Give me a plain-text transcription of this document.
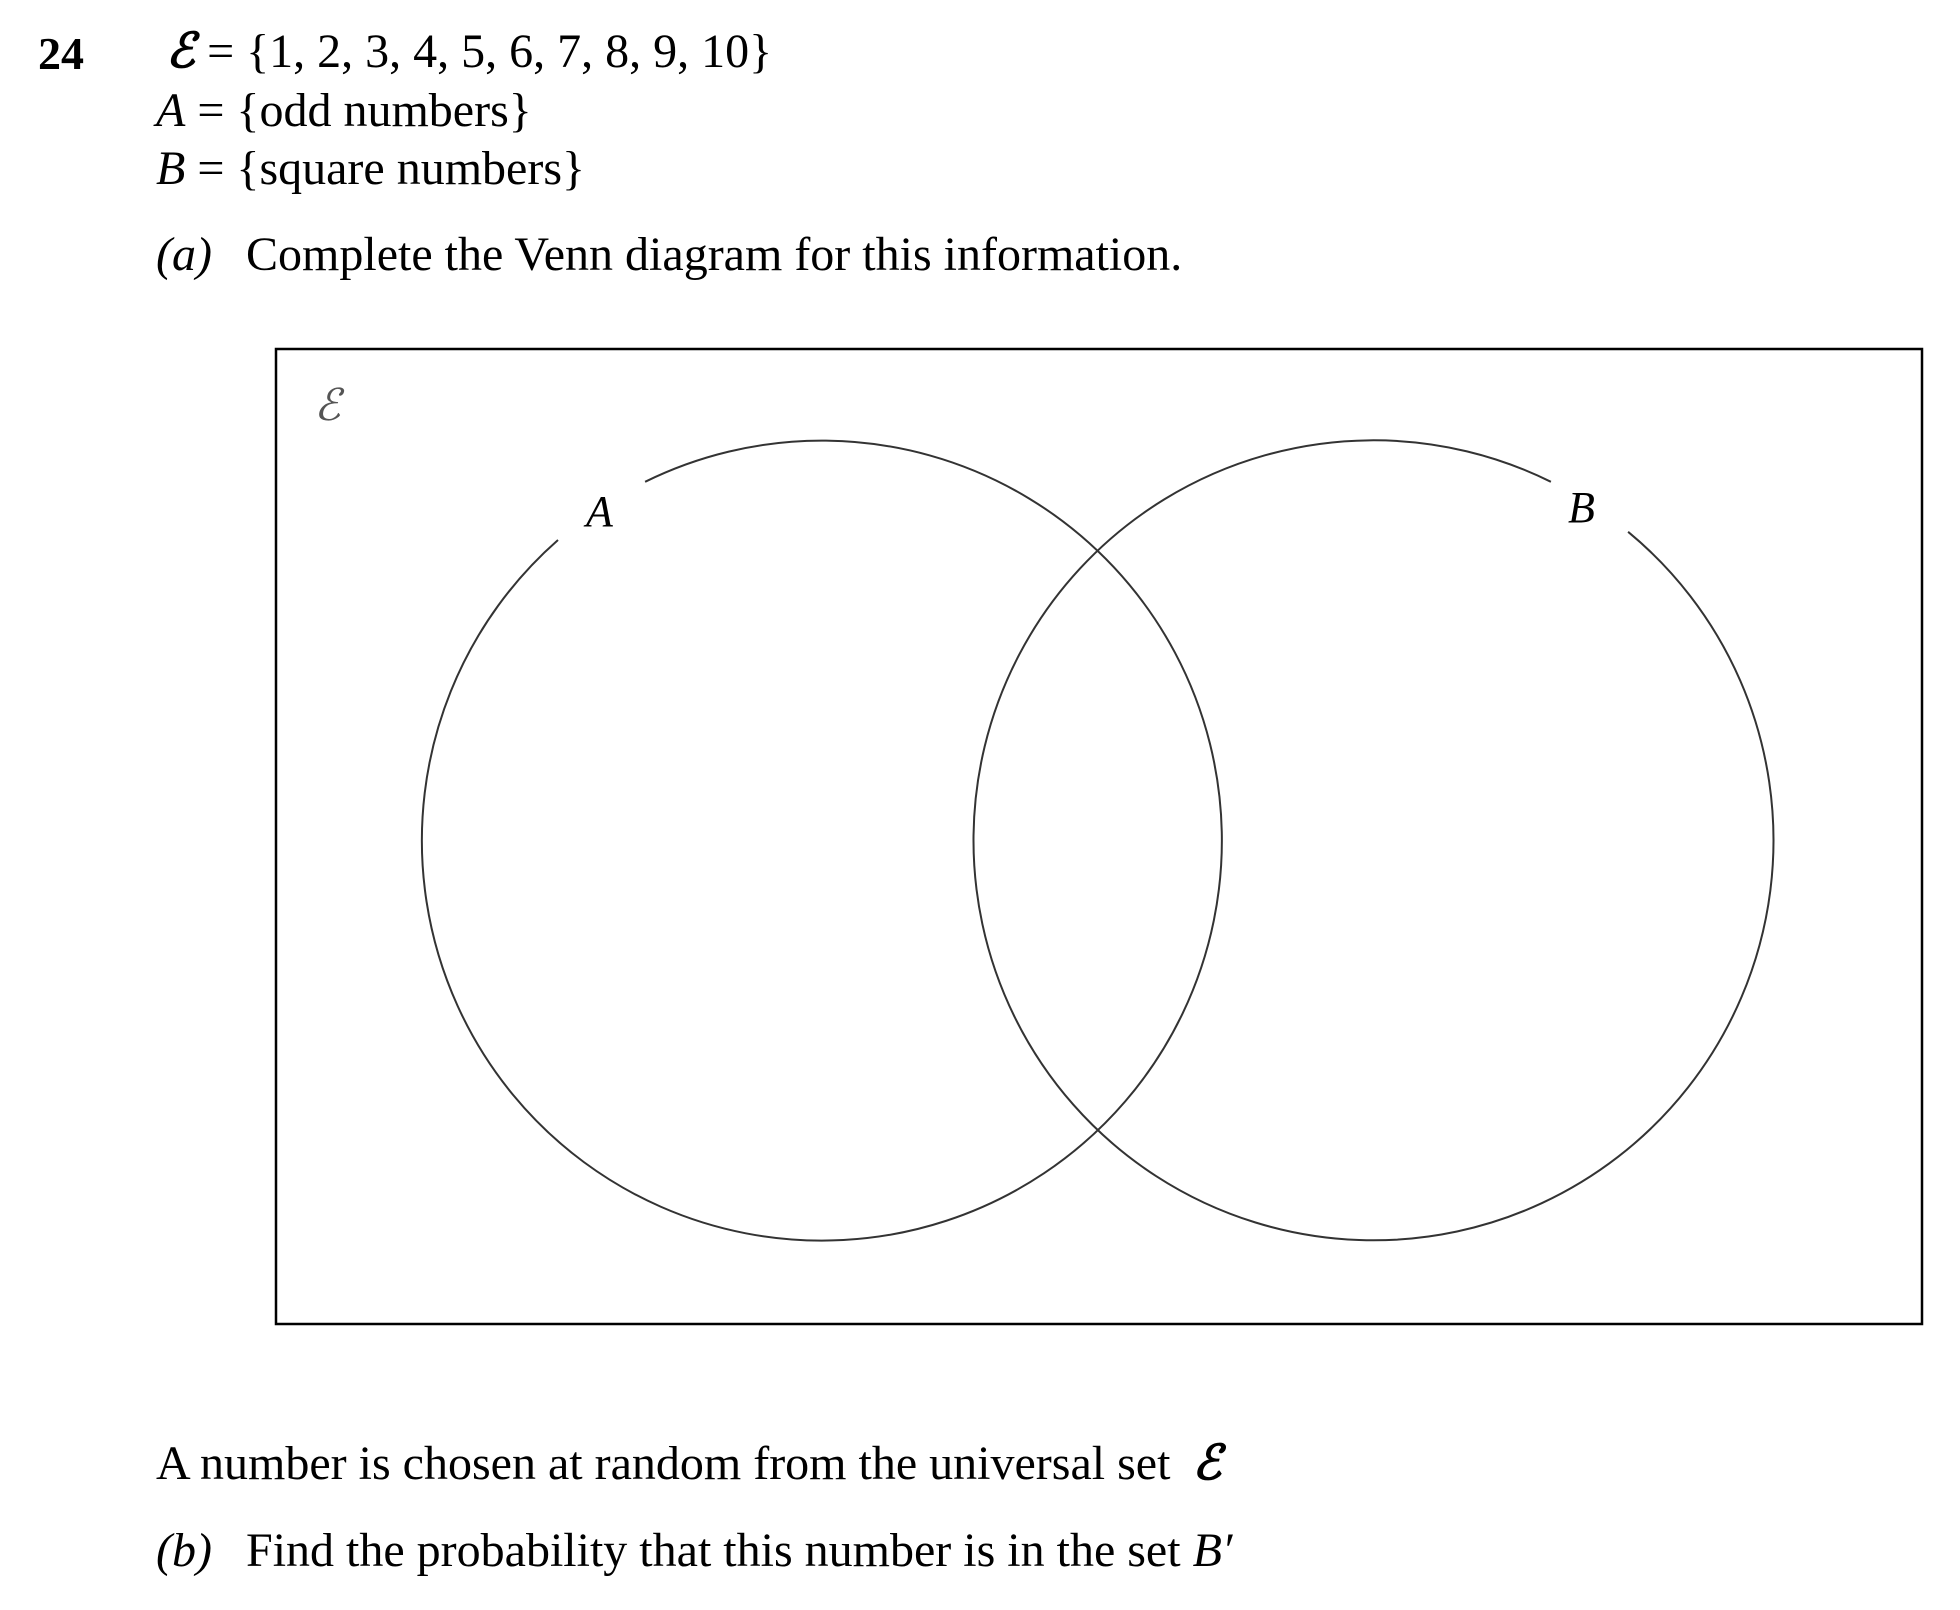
24 ℰ = {1, 2, 3, 4, 5, 6, 7, 8, 9, 10}
A = {odd numbers}
B = {square numbers}
(a) Complete the Venn diagram for this information.
ℰ
A	B
A number is chosen at random from the universal set ℰ
(b) Find the probability that this number is in the set B′
